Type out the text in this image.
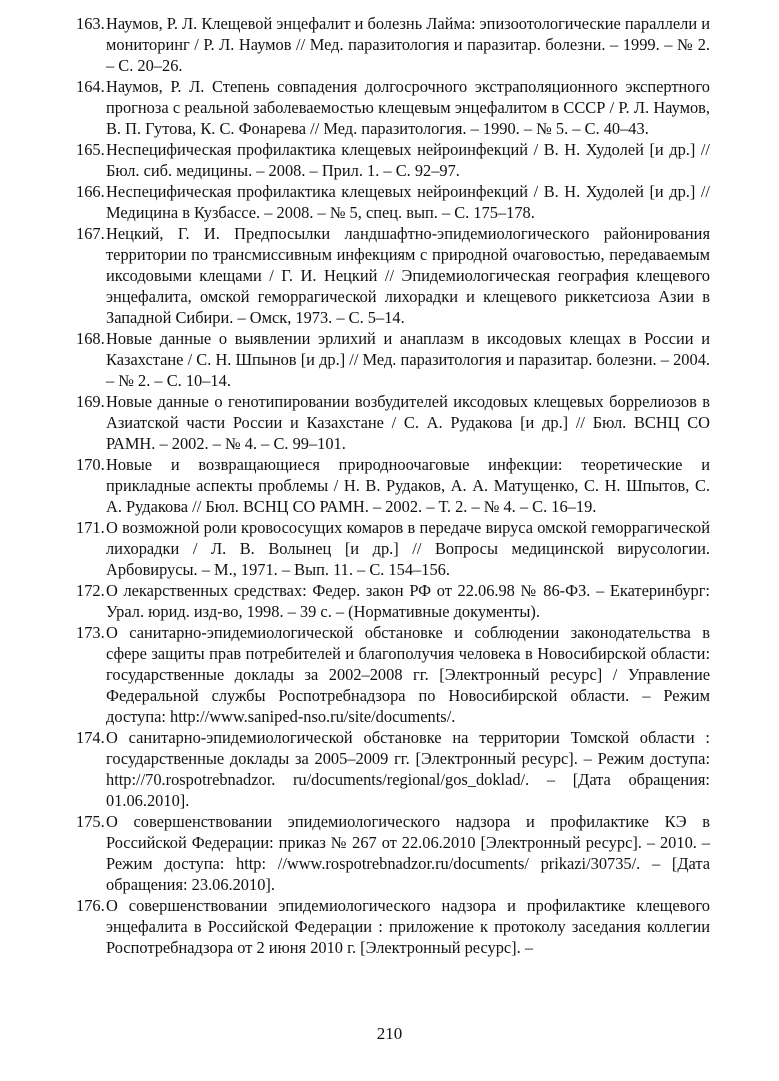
163. Наумов, Р. Л. Клещевой энцефалит и болезнь Лайма: эпизоотологические параллели и мониторинг / Р. Л. Наумов // Мед. паразитология и паразитар. болезни. – 1999. – № 2. – С. 20–26.
164. Наумов, Р. Л. Степень совпадения долгосрочного экстраполяционного экспертного прогноза с реальной заболеваемостью клещевым энцефалитом в СССР / Р. Л. Наумов, В. П. Гутова, К. С. Фонарева // Мед. паразитология. – 1990. – № 5. – С. 40–43.
165. Неспецифическая профилактика клещевых нейроинфекций / В. Н. Худолей [и др.] // Бюл. сиб. медицины. – 2008. – Прил. 1. – С. 92–97.
166. Неспецифическая профилактика клещевых нейроинфекций / В. Н. Худолей [и др.] // Медицина в Кузбассе. – 2008. – № 5, спец. вып. – С. 175–178.
167. Нецкий, Г. И. Предпосылки ландшафтно-эпидемиологического районирования территории по трансмиссивным инфекциям с природной очаговостью, передаваемым иксодовыми клещами / Г. И. Нецкий // Эпидемиологическая география клещевого энцефалита, омской геморрагической лихорадки и клещевого риккетсиоза Азии в Западной Сибири. – Омск, 1973. – С. 5–14.
168. Новые данные о выявлении эрлихий и анаплазм в иксодовых клещах в России и Казахстане / С. Н. Шпынов [и др.] // Мед. паразитология и паразитар. болезни. – 2004. – № 2. – С. 10–14.
169. Новые данные о генотипировании возбудителей иксодовых клещевых боррелиозов в Азиатской части России и Казахстане / С. А. Рудакова [и др.] // Бюл. ВСНЦ СО РАМН. – 2002. – № 4. – С. 99–101.
170. Новые и возвращающиеся природноочаговые инфекции: теоретические и прикладные аспекты проблемы / Н. В. Рудаков, А. А. Матущенко, С. Н. Шпытов, С. А. Рудакова // Бюл. ВСНЦ СО РАМН. – 2002. – Т. 2. – № 4. – С. 16–19.
171. О возможной роли кровососущих комаров в передаче вируса омской геморрагической лихорадки / Л. В. Волынец [и др.] // Вопросы медицинской вирусологии. Арбовирусы. – М., 1971. – Вып. 11. – С. 154–156.
172. О лекарственных средствах: Федер. закон РФ от 22.06.98 № 86-ФЗ. – Екатеринбург: Урал. юрид. изд-во, 1998. – 39 с. – (Нормативные документы).
173. О санитарно-эпидемиологической обстановке и соблюдении законодательства в сфере защиты прав потребителей и благополучия человека в Новосибирской области: государственные доклады за 2002–2008 гг. [Электронный ресурс] / Управление Федеральной службы Роспотребнадзора по Новосибирской области. – Режим доступа: http://www.saniped-nso.ru/site/documents/.
174. О санитарно-эпидемиологической обстановке на территории Томской области : государственные доклады за 2005–2009 гг. [Электронный ресурс]. – Режим доступа: http://70.rospotrebnadzor. ru/documents/regional/gos_doklad/. – [Дата обращения: 01.06.2010].
175. О совершенствовании эпидемиологического надзора и профилактике КЭ в Российской Федерации: приказ № 267 от 22.06.2010 [Электронный ресурс]. – 2010. – Режим доступа: http: //www.rospotrebnadzor.ru/documents/ prikazi/30735/. – [Дата обращения: 23.06.2010].
176. О совершенствовании эпидемиологического надзора и профилактике клещевого энцефалита в Российской Федерации : приложение к протоколу заседания коллегии Роспотребнадзора от 2 июня 2010 г. [Электронный ресурс]. –
210
